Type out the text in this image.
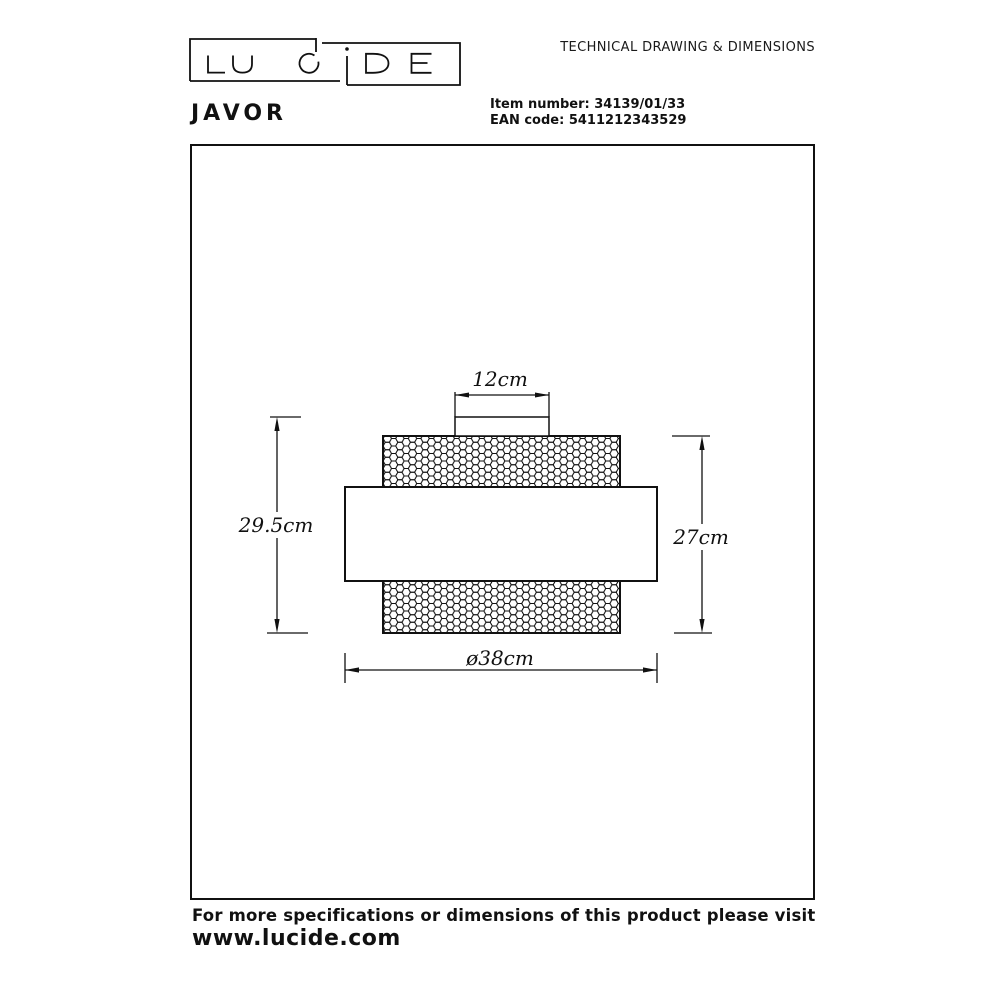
TECHNICAL DRAWING & DIMENSIONS
JAVOR	Item number: 34139/01/33
EAN code: 5411212343529
12cm
29.5cm	27cm
ø38cm
For more specifications or dimensions of this product please visit
www.lucide.com
